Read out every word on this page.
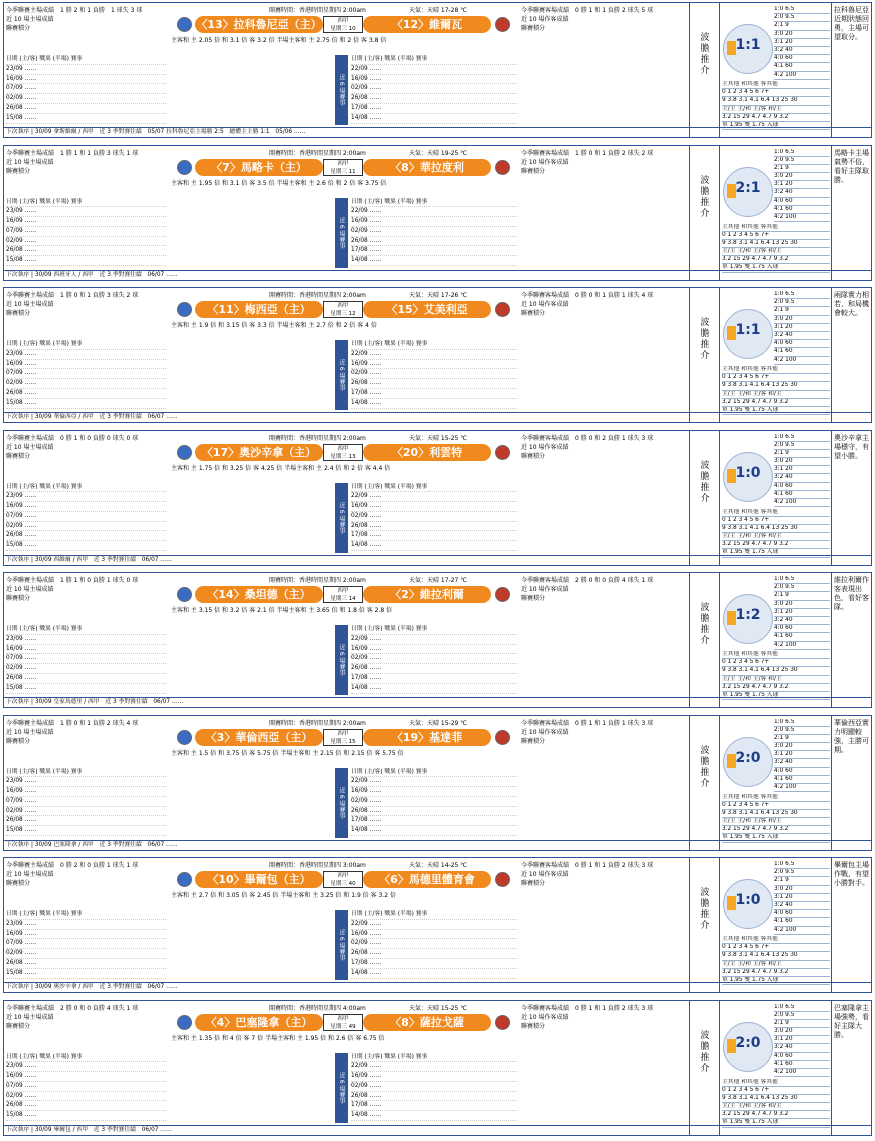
今季聯賽主場成績　1 勝 2 和 1 負勝　1 球失 3 球
近 10 場主場成績
聯賽積分
日期 (主/客) 戰果 (半場) 賽事
23/09 ……
16/09 ……
07/09 ……
02/09 ……
26/08 ……
15/08 ……
開賽時間：香港時間星期四 2:00am	天氣：天晴 17-28 ℃
〈13〉拉科魯尼亞（主）	西甲
星期三 10	〈12〉維爾瓦
主客和 主 2.05 倍 和 3.1 倍 客 3.2 倍 半場主客和 主 2.75 倍 和 2 倍 客 3.8 倍
近 6 場賽事
日期 (主/客) 戰果 (半場) 賽事
22/09 ……
16/09 ……
02/09 ……
26/08 ……
17/08 ……
14/08 ……
今季聯賽客場成績　0 勝 1 和 1 負勝 2 球失 5 球
近 10 場作客成績
聯賽積分
波膽推介
1:1
1:0 6.5
2:0 9.5
2:1 9
3:0 20
3:1 20
3:2 40
4:0 60
4:1 60
4:2 100
主其他 和其他 客其他
0 1 2 3 4 5 6 7+
9 3.8 3.1 4.1 6.4 13 25 30
主/主 主/和 主/客 和/主
3.2 15 29 4.7 4.7 9 3.2
單 1.95 雙 1.75 入球
拉科魯尼亞近期狀態回勇，主場可望取分。
下次執序 | 30/09 拿斯維爾 / 西甲　近 3 季對賽往績　05/07 拉科魯尼亞主場勝 2:5　總體主主勝 1:1　05/06 ……
今季聯賽主場成績　1 勝 1 和 1 負勝 3 球失 1 球
近 10 場主場成績
聯賽積分
日期 (主/客) 戰果 (半場) 賽事
23/09 ……
16/09 ……
07/09 ……
02/09 ……
26/08 ……
15/08 ……
開賽時間：香港時間星期四 2:00am	天氣：天晴 19-25 ℃
〈7〉馬略卡（主）	西甲
星期三 11	〈8〉華拉度利
主客和 主 1.95 倍 和 3.1 倍 客 3.5 倍 半場主客和 主 2.6 倍 和 2 倍 客 3.75 倍
近 6 場賽事
日期 (主/客) 戰果 (半場) 賽事
22/09 ……
16/09 ……
02/09 ……
26/08 ……
17/08 ……
14/08 ……
今季聯賽客場成績　1 勝 0 和 1 負勝 2 球失 2 球
近 10 場作客成績
聯賽積分
波膽推介
2:1
1:0 6.5
2:0 9.5
2:1 9
3:0 20
3:1 20
3:2 40
4:0 60
4:1 60
4:2 100
主其他 和其他 客其他
0 1 2 3 4 5 6 7+
9 3.8 3.1 4.1 6.4 13 25 30
主/主 主/和 主/客 和/主
3.2 15 29 4.7 4.7 9 3.2
單 1.95 雙 1.75 入球
馬略卡主場氣勢不俗，看好主隊取勝。
下次執序 | 30/09 西班牙人 / 西甲　近 3 季對賽往績　06/07 ……
今季聯賽主場成績　1 勝 0 和 1 負勝 3 球失 2 球
近 10 場主場成績
聯賽積分
日期 (主/客) 戰果 (半場) 賽事
23/09 ……
16/09 ……
07/09 ……
02/09 ……
26/08 ……
15/08 ……
開賽時間：香港時間星期四 2:00am	天氣：天晴 17-26 ℃
〈11〉梅西亞（主）	西甲
星期三 12	〈15〉艾美利亞
主客和 主 1.9 倍 和 3.15 倍 客 3.3 倍 半場主客和 主 2.7 倍 和 2 倍 客 4 倍
近 6 場賽事
日期 (主/客) 戰果 (半場) 賽事
22/09 ……
16/09 ……
02/09 ……
26/08 ……
17/08 ……
14/08 ……
今季聯賽客場成績　0 勝 0 和 1 負勝 1 球失 4 球
近 10 場作客成績
聯賽積分
波膽推介
1:1
1:0 6.5
2:0 9.5
2:1 9
3:0 20
3:1 20
3:2 40
4:0 60
4:1 60
4:2 100
主其他 和其他 客其他
0 1 2 3 4 5 6 7+
9 3.8 3.1 4.1 6.4 13 25 30
主/主 主/和 主/客 和/主
3.2 15 29 4.7 4.7 9 3.2
單 1.95 雙 1.75 入球
兩隊實力相若，和局機會較大。
下次執序 | 30/09 華倫西亞 / 西甲　近 3 季對賽往績　06/07 ……
今季聯賽主場成績　0 勝 1 和 0 負勝 0 球失 0 球
近 10 場主場成績
聯賽積分
日期 (主/客) 戰果 (半場) 賽事
23/09 ……
16/09 ……
07/09 ……
02/09 ……
26/08 ……
15/08 ……
開賽時間：香港時間星期四 2:00am	天氣：天晴 15-25 ℃
〈17〉奧沙辛拿（主）	西甲
星期三 13	〈20〉利雲特
主客和 主 1.75 倍 和 3.25 倍 客 4.25 倍 半場主客和 主 2.4 倍 和 2 倍 客 4.4 倍
近 6 場賽事
日期 (主/客) 戰果 (半場) 賽事
22/09 ……
16/09 ……
02/09 ……
26/08 ……
17/08 ……
14/08 ……
今季聯賽客場成績　0 勝 0 和 2 負勝 1 球失 3 球
近 10 場作客成績
聯賽積分
波膽推介
1:0
1:0 6.5
2:0 9.5
2:1 9
3:0 20
3:1 20
3:2 40
4:0 60
4:1 60
4:2 100
主其他 和其他 客其他
0 1 2 3 4 5 6 7+
9 3.8 3.1 4.1 6.4 13 25 30
主/主 主/和 主/客 和/主
3.2 15 29 4.7 4.7 9 3.2
單 1.95 雙 1.75 入球
奧沙辛拿主場穩守，有望小勝。
下次執序 | 30/09 西維爾 / 西甲　近 3 季對賽往績　06/07 ……
今季聯賽主場成績　1 勝 1 和 0 負勝 1 球失 0 球
近 10 場主場成績
聯賽積分
日期 (主/客) 戰果 (半場) 賽事
23/09 ……
16/09 ……
07/09 ……
02/09 ……
26/08 ……
15/08 ……
開賽時間：香港時間星期四 2:00am	天氣：天晴 17-27 ℃
〈14〉桑坦德（主）	西甲
星期三 14	〈2〉維拉利爾
主客和 主 3.15 倍 和 3.2 倍 客 2.1 倍 半場主客和 主 3.65 倍 和 1.8 倍 客 2.8 倍
近 6 場賽事
日期 (主/客) 戰果 (半場) 賽事
22/09 ……
16/09 ……
02/09 ……
26/08 ……
17/08 ……
14/08 ……
今季聯賽客場成績　2 勝 0 和 0 負勝 4 球失 1 球
近 10 場作客成績
聯賽積分
波膽推介
1:2
1:0 6.5
2:0 9.5
2:1 9
3:0 20
3:1 20
3:2 40
4:0 60
4:1 60
4:2 100
主其他 和其他 客其他
0 1 2 3 4 5 6 7+
9 3.8 3.1 4.1 6.4 13 25 30
主/主 主/和 主/客 和/主
3.2 15 29 4.7 4.7 9 3.2
單 1.95 雙 1.75 入球
維拉利爾作客表現出色，看好客隊。
下次執序 | 30/09 皇家馬德里 / 西甲　近 3 季對賽往績　06/07 ……
今季聯賽主場成績　1 勝 0 和 1 負勝 2 球失 4 球
近 10 場主場成績
聯賽積分
日期 (主/客) 戰果 (半場) 賽事
23/09 ……
16/09 ……
07/09 ……
02/09 ……
26/08 ……
15/08 ……
開賽時間：香港時間星期四 2:00am	天氣：天晴 15-29 ℃
〈3〉華倫西亞（主）	西甲
星期三 15	〈19〉基達菲
主客和 主 1.5 倍 和 3.75 倍 客 5.75 倍 半場主客和 主 2.15 倍 和 2.15 倍 客 5.75 倍
近 6 場賽事
日期 (主/客) 戰果 (半場) 賽事
22/09 ……
16/09 ……
02/09 ……
26/08 ……
17/08 ……
14/08 ……
今季聯賽客場成績　0 勝 1 和 1 負勝 1 球失 3 球
近 10 場作客成績
聯賽積分
波膽推介
2:0
1:0 6.5
2:0 9.5
2:1 9
3:0 20
3:1 20
3:2 40
4:0 60
4:1 60
4:2 100
主其他 和其他 客其他
0 1 2 3 4 5 6 7+
9 3.8 3.1 4.1 6.4 13 25 30
主/主 主/和 主/客 和/主
3.2 15 29 4.7 4.7 9 3.2
單 1.95 雙 1.75 入球
華倫西亞實力明顯較強，主勝可期。
下次執序 | 30/09 巴塞隆拿 / 西甲　近 3 季對賽往績　06/07 ……
今季聯賽主場成績　0 勝 2 和 0 負勝 1 球失 1 球
近 10 場主場成績
聯賽積分
日期 (主/客) 戰果 (半場) 賽事
23/09 ……
16/09 ……
07/09 ……
02/09 ……
26/08 ……
15/08 ……
開賽時間：香港時間星期四 3:00am	天氣：天晴 14-25 ℃
〈10〉畢爾包（主）	西甲
星期三 40	〈6〉馬德里體育會
主客和 主 2.7 倍 和 3.05 倍 客 2.45 倍 半場主客和 主 3.25 倍 和 1.9 倍 客 3.2 倍
近 6 場賽事
日期 (主/客) 戰果 (半場) 賽事
22/09 ……
16/09 ……
02/09 ……
26/08 ……
17/08 ……
14/08 ……
今季聯賽客場成績　0 勝 1 和 1 負勝 2 球失 3 球
近 10 場作客成績
聯賽積分
波膽推介
1:0
1:0 6.5
2:0 9.5
2:1 9
3:0 20
3:1 20
3:2 40
4:0 60
4:1 60
4:2 100
主其他 和其他 客其他
0 1 2 3 4 5 6 7+
9 3.8 3.1 4.1 6.4 13 25 30
主/主 主/和 主/客 和/主
3.2 15 29 4.7 4.7 9 3.2
單 1.95 雙 1.75 入球
畢爾包主場作戰，有望小勝對手。
下次執序 | 30/09 奧沙辛拿 / 西甲　近 3 季對賽往績　06/07 ……
今季聯賽主場成績　2 勝 0 和 0 負勝 4 球失 1 球
近 10 場主場成績
聯賽積分
日期 (主/客) 戰果 (半場) 賽事
23/09 ……
16/09 ……
07/09 ……
02/09 ……
26/08 ……
15/08 ……
開賽時間：香港時間星期四 4:00am	天氣：天晴 15-25 ℃
〈4〉巴塞隆拿（主）	西甲
星期三 49	〈8〉薩拉戈薩
主客和 主 1.35 倍 和 4 倍 客 7 倍 半場主客和 主 1.95 倍 和 2.6 倍 客 6.75 倍
近 6 場賽事
日期 (主/客) 戰果 (半場) 賽事
22/09 ……
16/09 ……
02/09 ……
26/08 ……
17/08 ……
14/08 ……
今季聯賽客場成績　0 勝 1 和 1 負勝 2 球失 3 球
近 10 場作客成績
聯賽積分
波膽推介
2:0
1:0 6.5
2:0 9.5
2:1 9
3:0 20
3:1 20
3:2 40
4:0 60
4:1 60
4:2 100
主其他 和其他 客其他
0 1 2 3 4 5 6 7+
9 3.8 3.1 4.1 6.4 13 25 30
主/主 主/和 主/客 和/主
3.2 15 29 4.7 4.7 9 3.2
單 1.95 雙 1.75 入球
巴塞隆拿主場強勢，看好主隊大勝。
下次執序 | 30/09 畢爾包 / 西甲　近 3 季對賽往績　06/07 ……
